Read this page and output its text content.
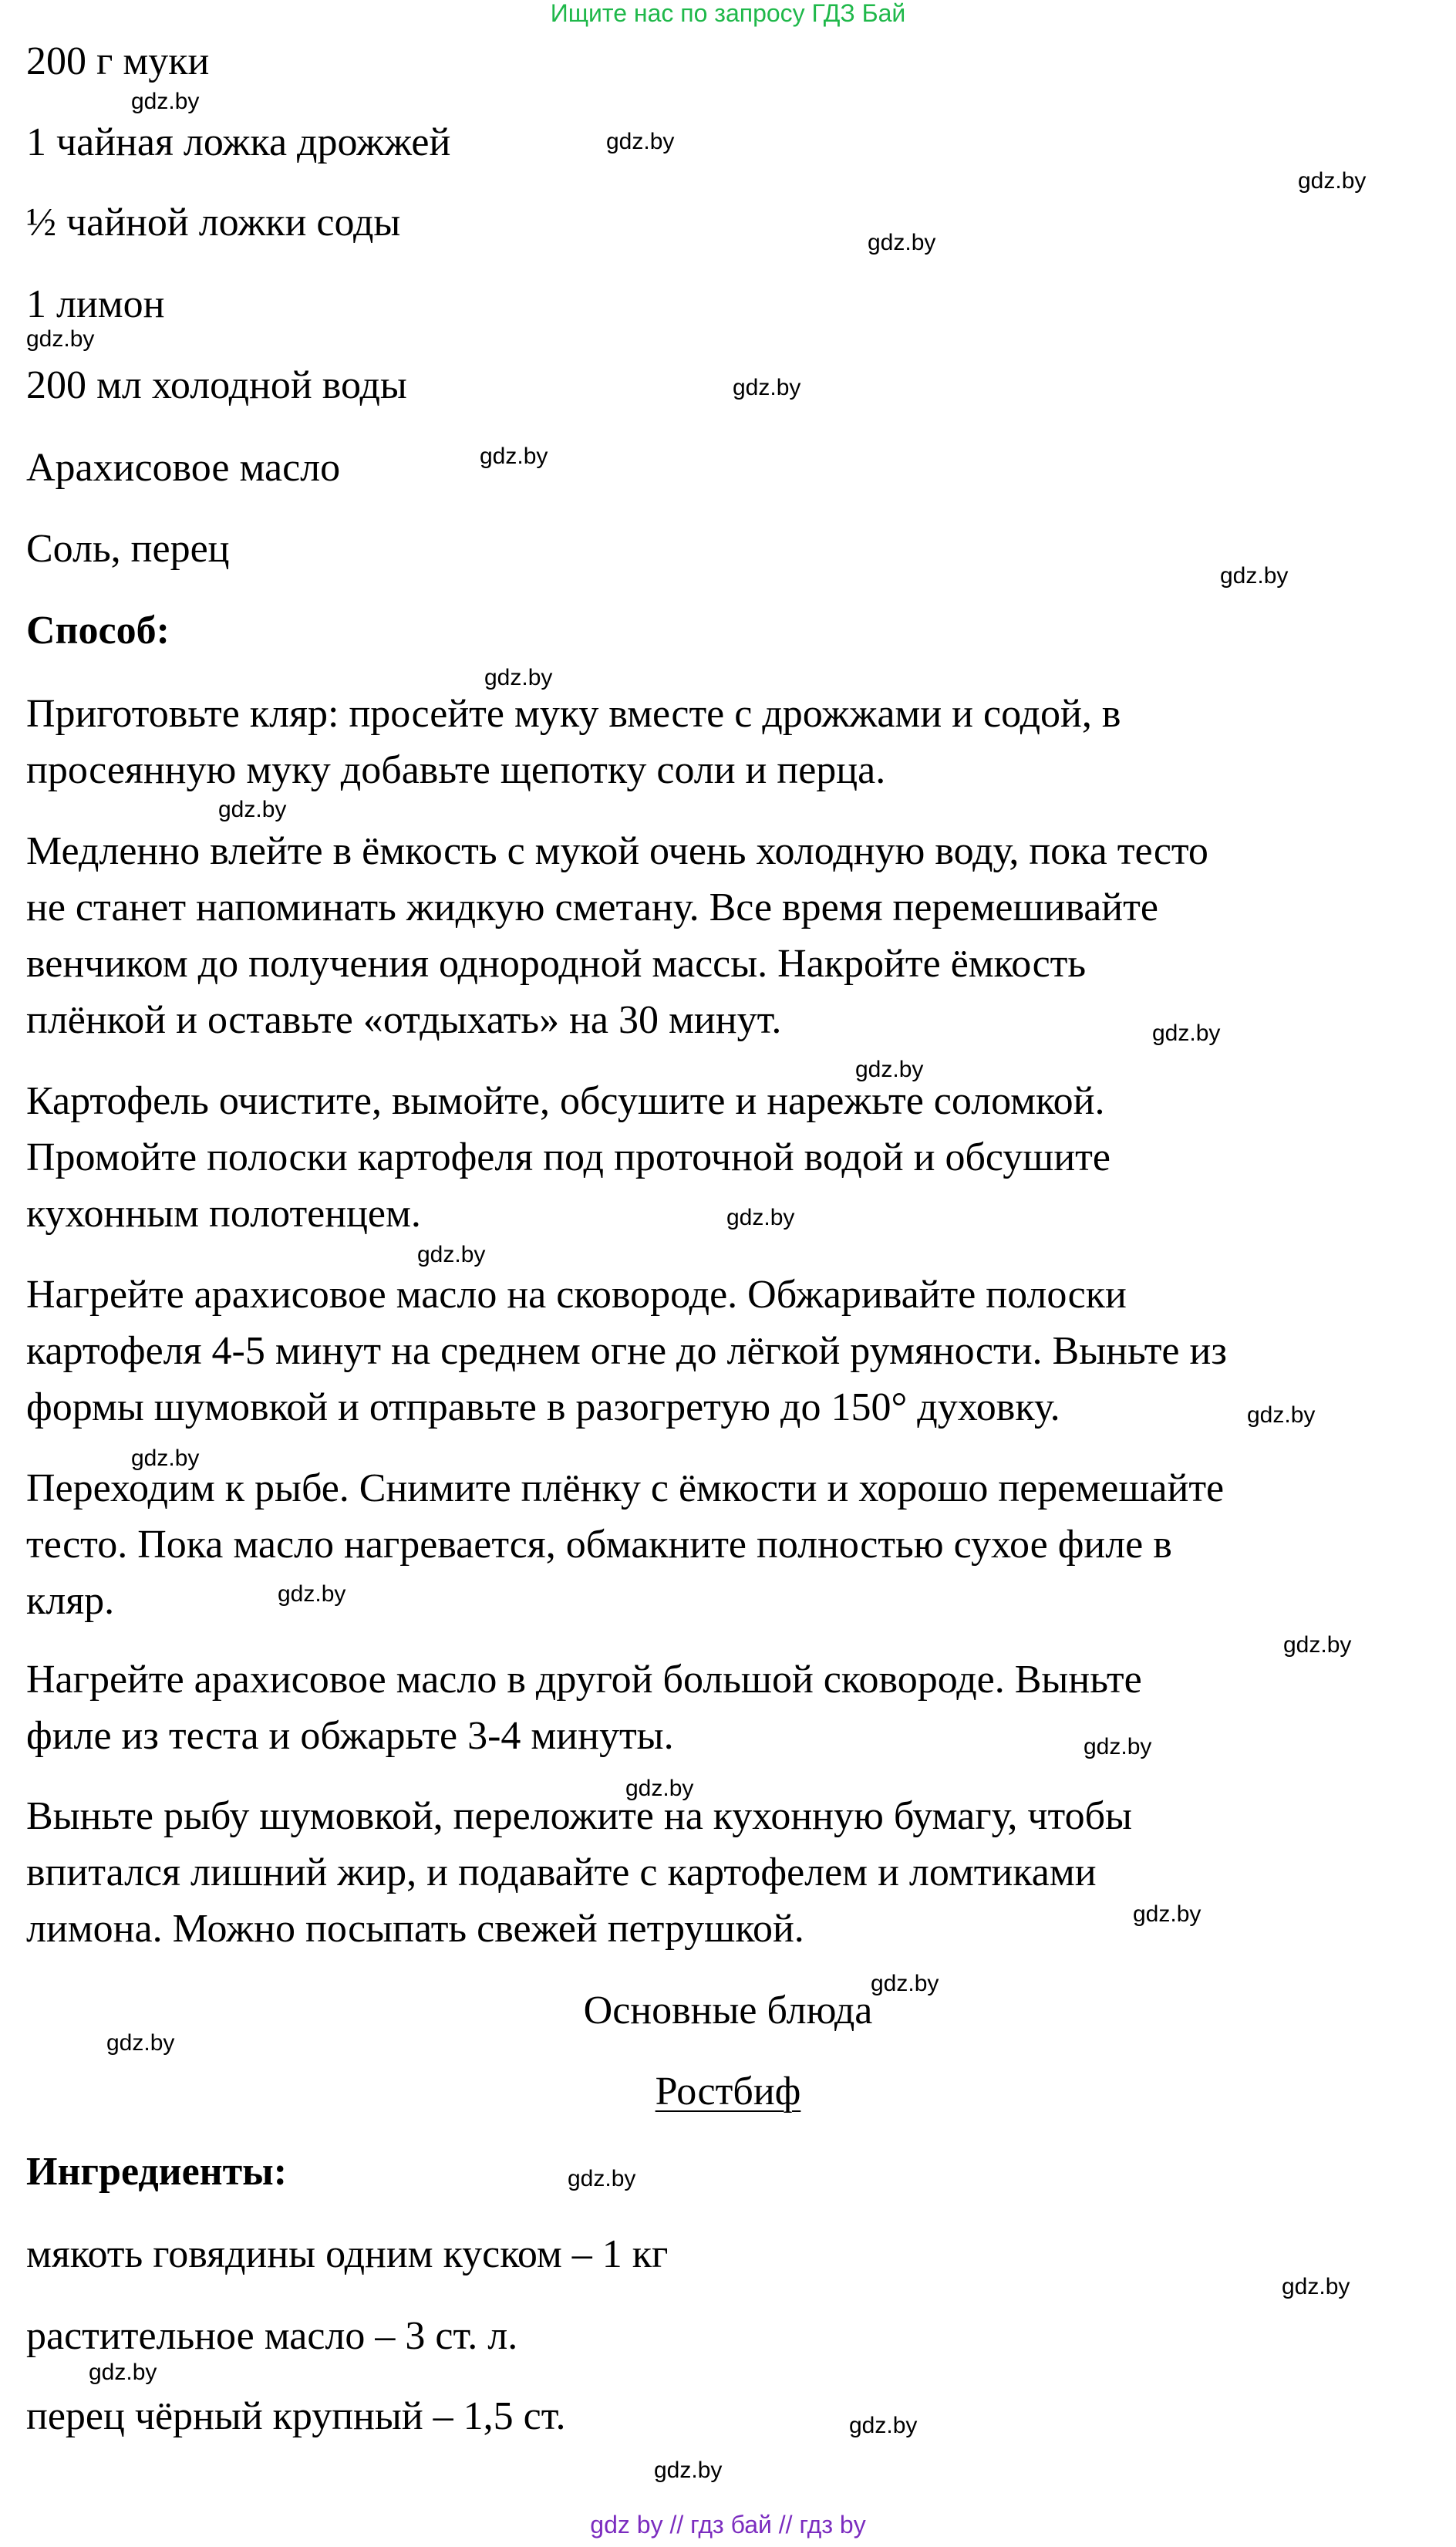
Ищите нас по запросу ГДЗ Бай

200 г муки

1 чайная ложка дрожжей

½ чайной ложки соды

1 лимон

200 мл холодной воды

Арахисовое масло

Соль, перец

Способ:

Приготовьте кляр: просейте муку вместе с дрожжами и содой, в

просеянную муку добавьте щепотку соли и перца.

Медленно влейте в ёмкость с мукой очень холодную воду, пока тесто

не станет напоминать жидкую сметану. Все время перемешивайте

венчиком до получения однородной массы. Накройте ёмкость

плёнкой и оставьте «отдыхать» на 30 минут.

Картофель очистите, вымойте, обсушите и нарежьте соломкой.

Промойте полоски картофеля под проточной водой и обсушите

кухонным полотенцем.

Нагрейте арахисовое масло на сковороде. Обжаривайте полоски

картофеля 4-5 минут на среднем огне до лёгкой румяности. Выньте из

формы шумовкой и отправьте в разогретую до 150° духовку.

Переходим к рыбе. Снимите плёнку с ёмкости и хорошо перемешайте

тесто. Пока масло нагревается, обмакните полностью сухое филе в

кляр.

Нагрейте арахисовое масло в другой большой сковороде. Выньте

филе из теста и обжарьте 3-4 минуты.

Выньте рыбу шумовкой, переложите на кухонную бумагу, чтобы

впитался лишний жир, и подавайте с картофелем и ломтиками

лимона. Можно посыпать свежей петрушкой.

Основные блюда

Ростбиф

Ингредиенты:

мякоть говядины одним куском – 1 кг

растительное масло – 3 ст. л.

перец чёрный крупный – 1,5 ст.

gdz.by

gdz.by

gdz.by

gdz.by

gdz.by

gdz.by

gdz.by

gdz.by

gdz.by

gdz.by

gdz.by

gdz.by

gdz.by

gdz.by

gdz.by

gdz.by

gdz.by

gdz.by

gdz.by

gdz.by

gdz.by

gdz.by

gdz.by

gdz.by

gdz.by

gdz.by

gdz.by

gdz.by

gdz by // гдз бай // гдз by
